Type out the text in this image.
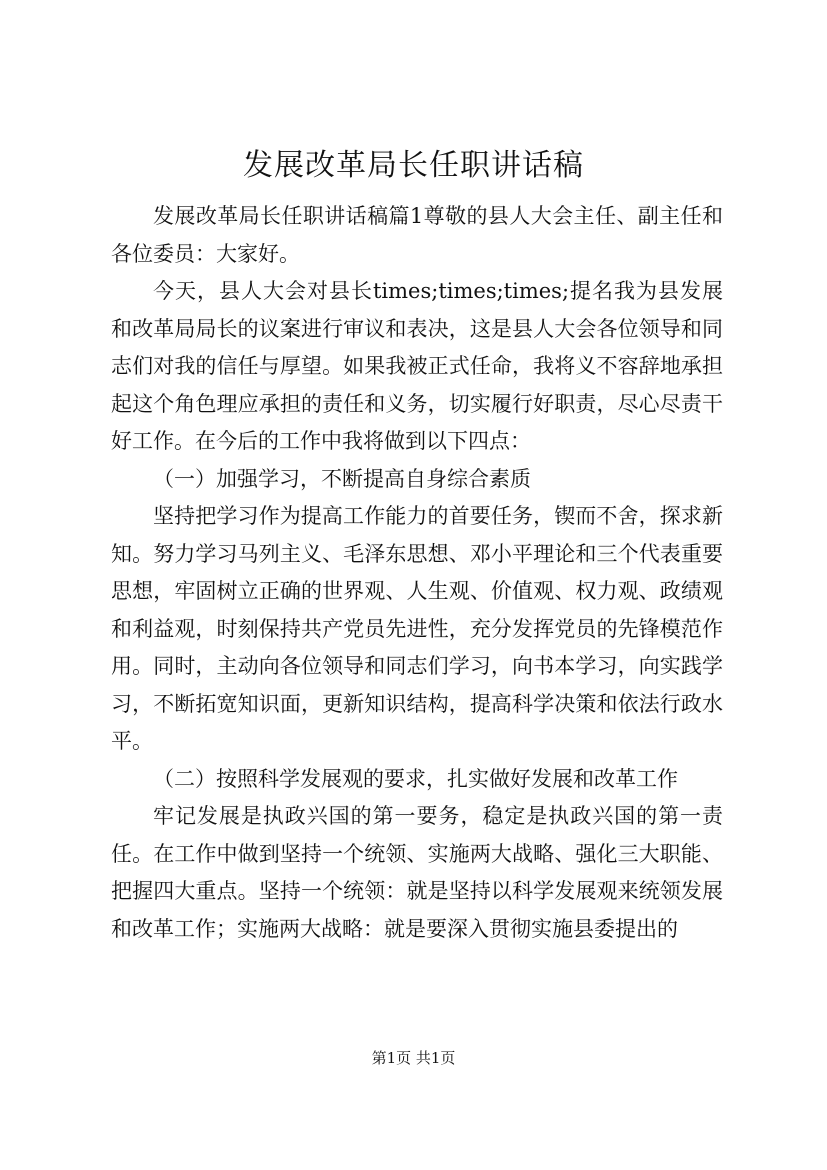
发展改革局长任职讲话稿

发展改革局长任职讲话稿篇1尊敬的县人大会主任、副主任和各位委员：大家好。

今天，县人大会对县长times;times;times;提名我为县发展和改革局局长的议案进行审议和表决，这是县人大会各位领导和同志们对我的信任与厚望。如果我被正式任命，我将义不容辞地承担起这个角色理应承担的责任和义务，切实履行好职责，尽心尽责干好工作。在今后的工作中我将做到以下四点：

（一）加强学习，不断提高自身综合素质

坚持把学习作为提高工作能力的首要任务，锲而不舍，探求新知。努力学习马列主义、毛泽东思想、邓小平理论和三个代表重要思想，牢固树立正确的世界观、人生观、价值观、权力观、政绩观和利益观，时刻保持共产党员先进性，充分发挥党员的先锋模范作用。同时，主动向各位领导和同志们学习，向书本学习，向实践学习，不断拓宽知识面，更新知识结构，提高科学决策和依法行政水平。

（二）按照科学发展观的要求，扎实做好发展和改革工作

牢记发展是执政兴国的第一要务，稳定是执政兴国的第一责任。在工作中做到坚持一个统领、实施两大战略、强化三大职能、把握四大重点。坚持一个统领：就是坚持以科学发展观来统领发展和改革工作；实施两大战略：就是要深入贯彻实施县委提出的

第1页 共1页
